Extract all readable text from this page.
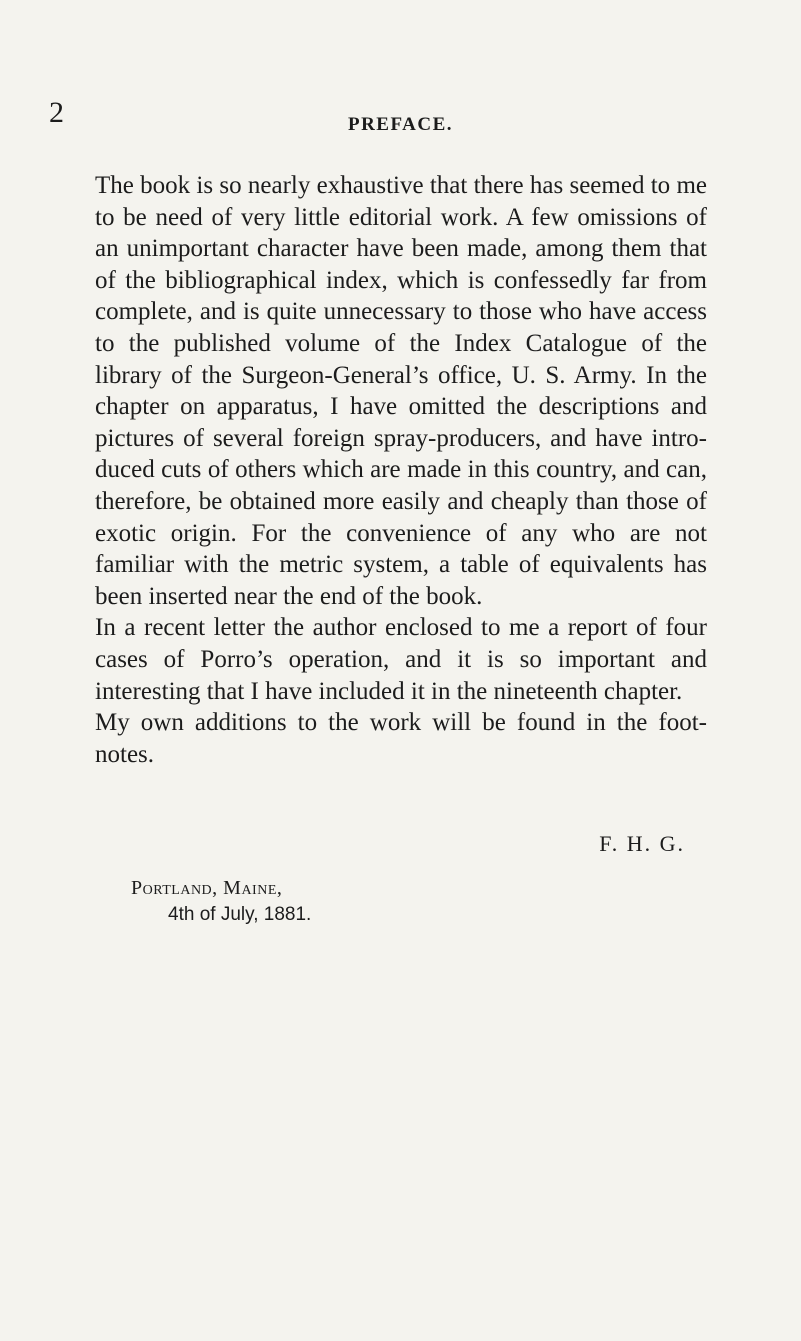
2	PREFACE.

The book is so nearly exhaustive that there has seemed to me to be need of very little editorial work. A few omissions of an unimportant character have been made, among them that of the bibliographical index, which is confessedly far from complete, and is quite unnecessary to those who have access to the published volume of the Index Catalogue of the library of the Surgeon-General’s office, U. S. Army. In the chapter on apparatus, I have omitted the descriptions and pictures of several foreign spray-producers, and have introduced cuts of others which are made in this country, and can, therefore, be obtained more easily and cheaply than those of exotic origin. For the convenience of any who are not familiar with the metric system, a table of equivalents has been inserted near the end of the book.

In a recent letter the author enclosed to me a report of four cases of Porro’s operation, and it is so important and interesting that I have included it in the nineteenth chapter.

My own additions to the work will be found in the foot-notes.

F. H. G.
Portland, Maine,
4th of July, 1881.
